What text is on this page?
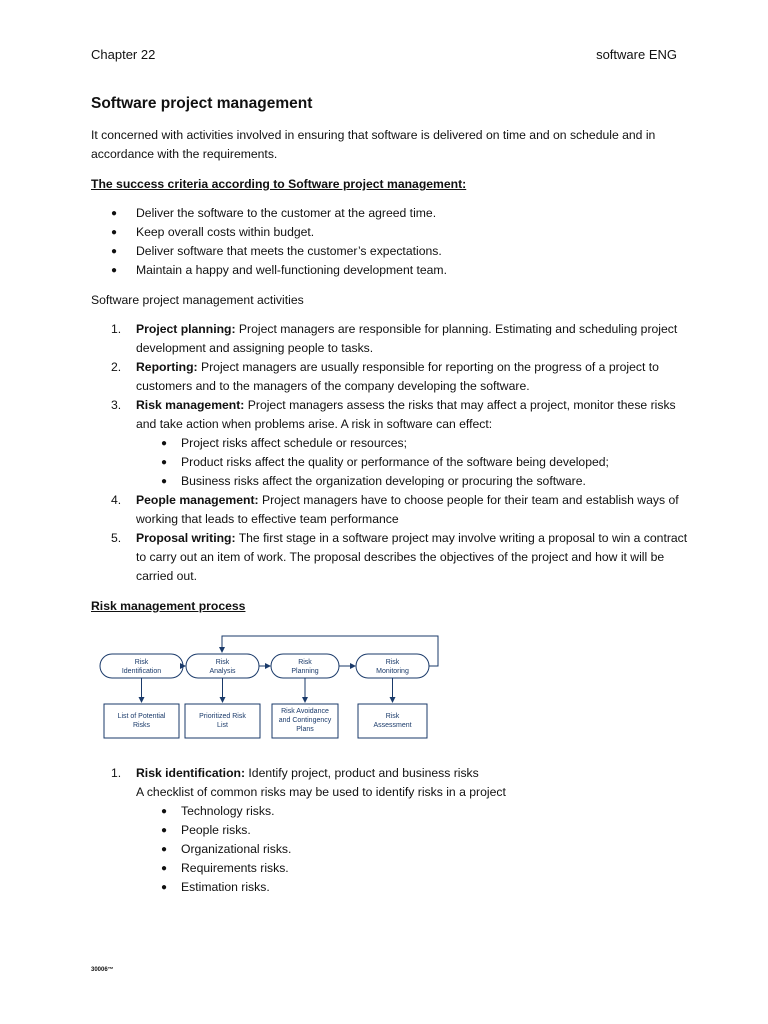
Chapter 22	software ENG
Software project management
It concerned with activities involved in ensuring that software is delivered on time and on schedule and in accordance with the requirements.
The success criteria according to Software project management:
● Deliver the software to the customer at the agreed time.
● Keep overall costs within budget.
● Deliver software that meets the customer’s expectations.
● Maintain a happy and well-functioning development team.
Software project management activities
1. Project planning: Project managers are responsible for planning. Estimating and scheduling project development and assigning people to tasks.
2. Reporting: Project managers are usually responsible for reporting on the progress of a project to customers and to the managers of the company developing the software.
3. Risk management: Project managers assess the risks that may affect a project, monitor these risks and take action when problems arise. A risk in software can effect:
● Project risks affect schedule or resources;
● Product risks affect the quality or performance of the software being developed;
● Business risks affect the organization developing or procuring the software.
4. People management: Project managers have to choose people for their team and establish ways of working that leads to effective team performance
5. Proposal writing: The first stage in a software project may involve writing a proposal to win a contract to carry out an item of work. The proposal describes the objectives of the project and how it will be carried out.
Risk management process
Risk
Identification
Risk
Analysis
Risk
Planning
Risk
Monitoring
List of Potential
Risks
Prioritized Risk
List
Risk Avoidance
and Contingency
Plans
Risk
Assessment
1. Risk identification: Identify project, product and business risks
A checklist of common risks may be used to identify risks in a project
● Technology risks.
● People risks.
● Organizational risks.
● Requirements risks.
● Estimation risks.
30006™
